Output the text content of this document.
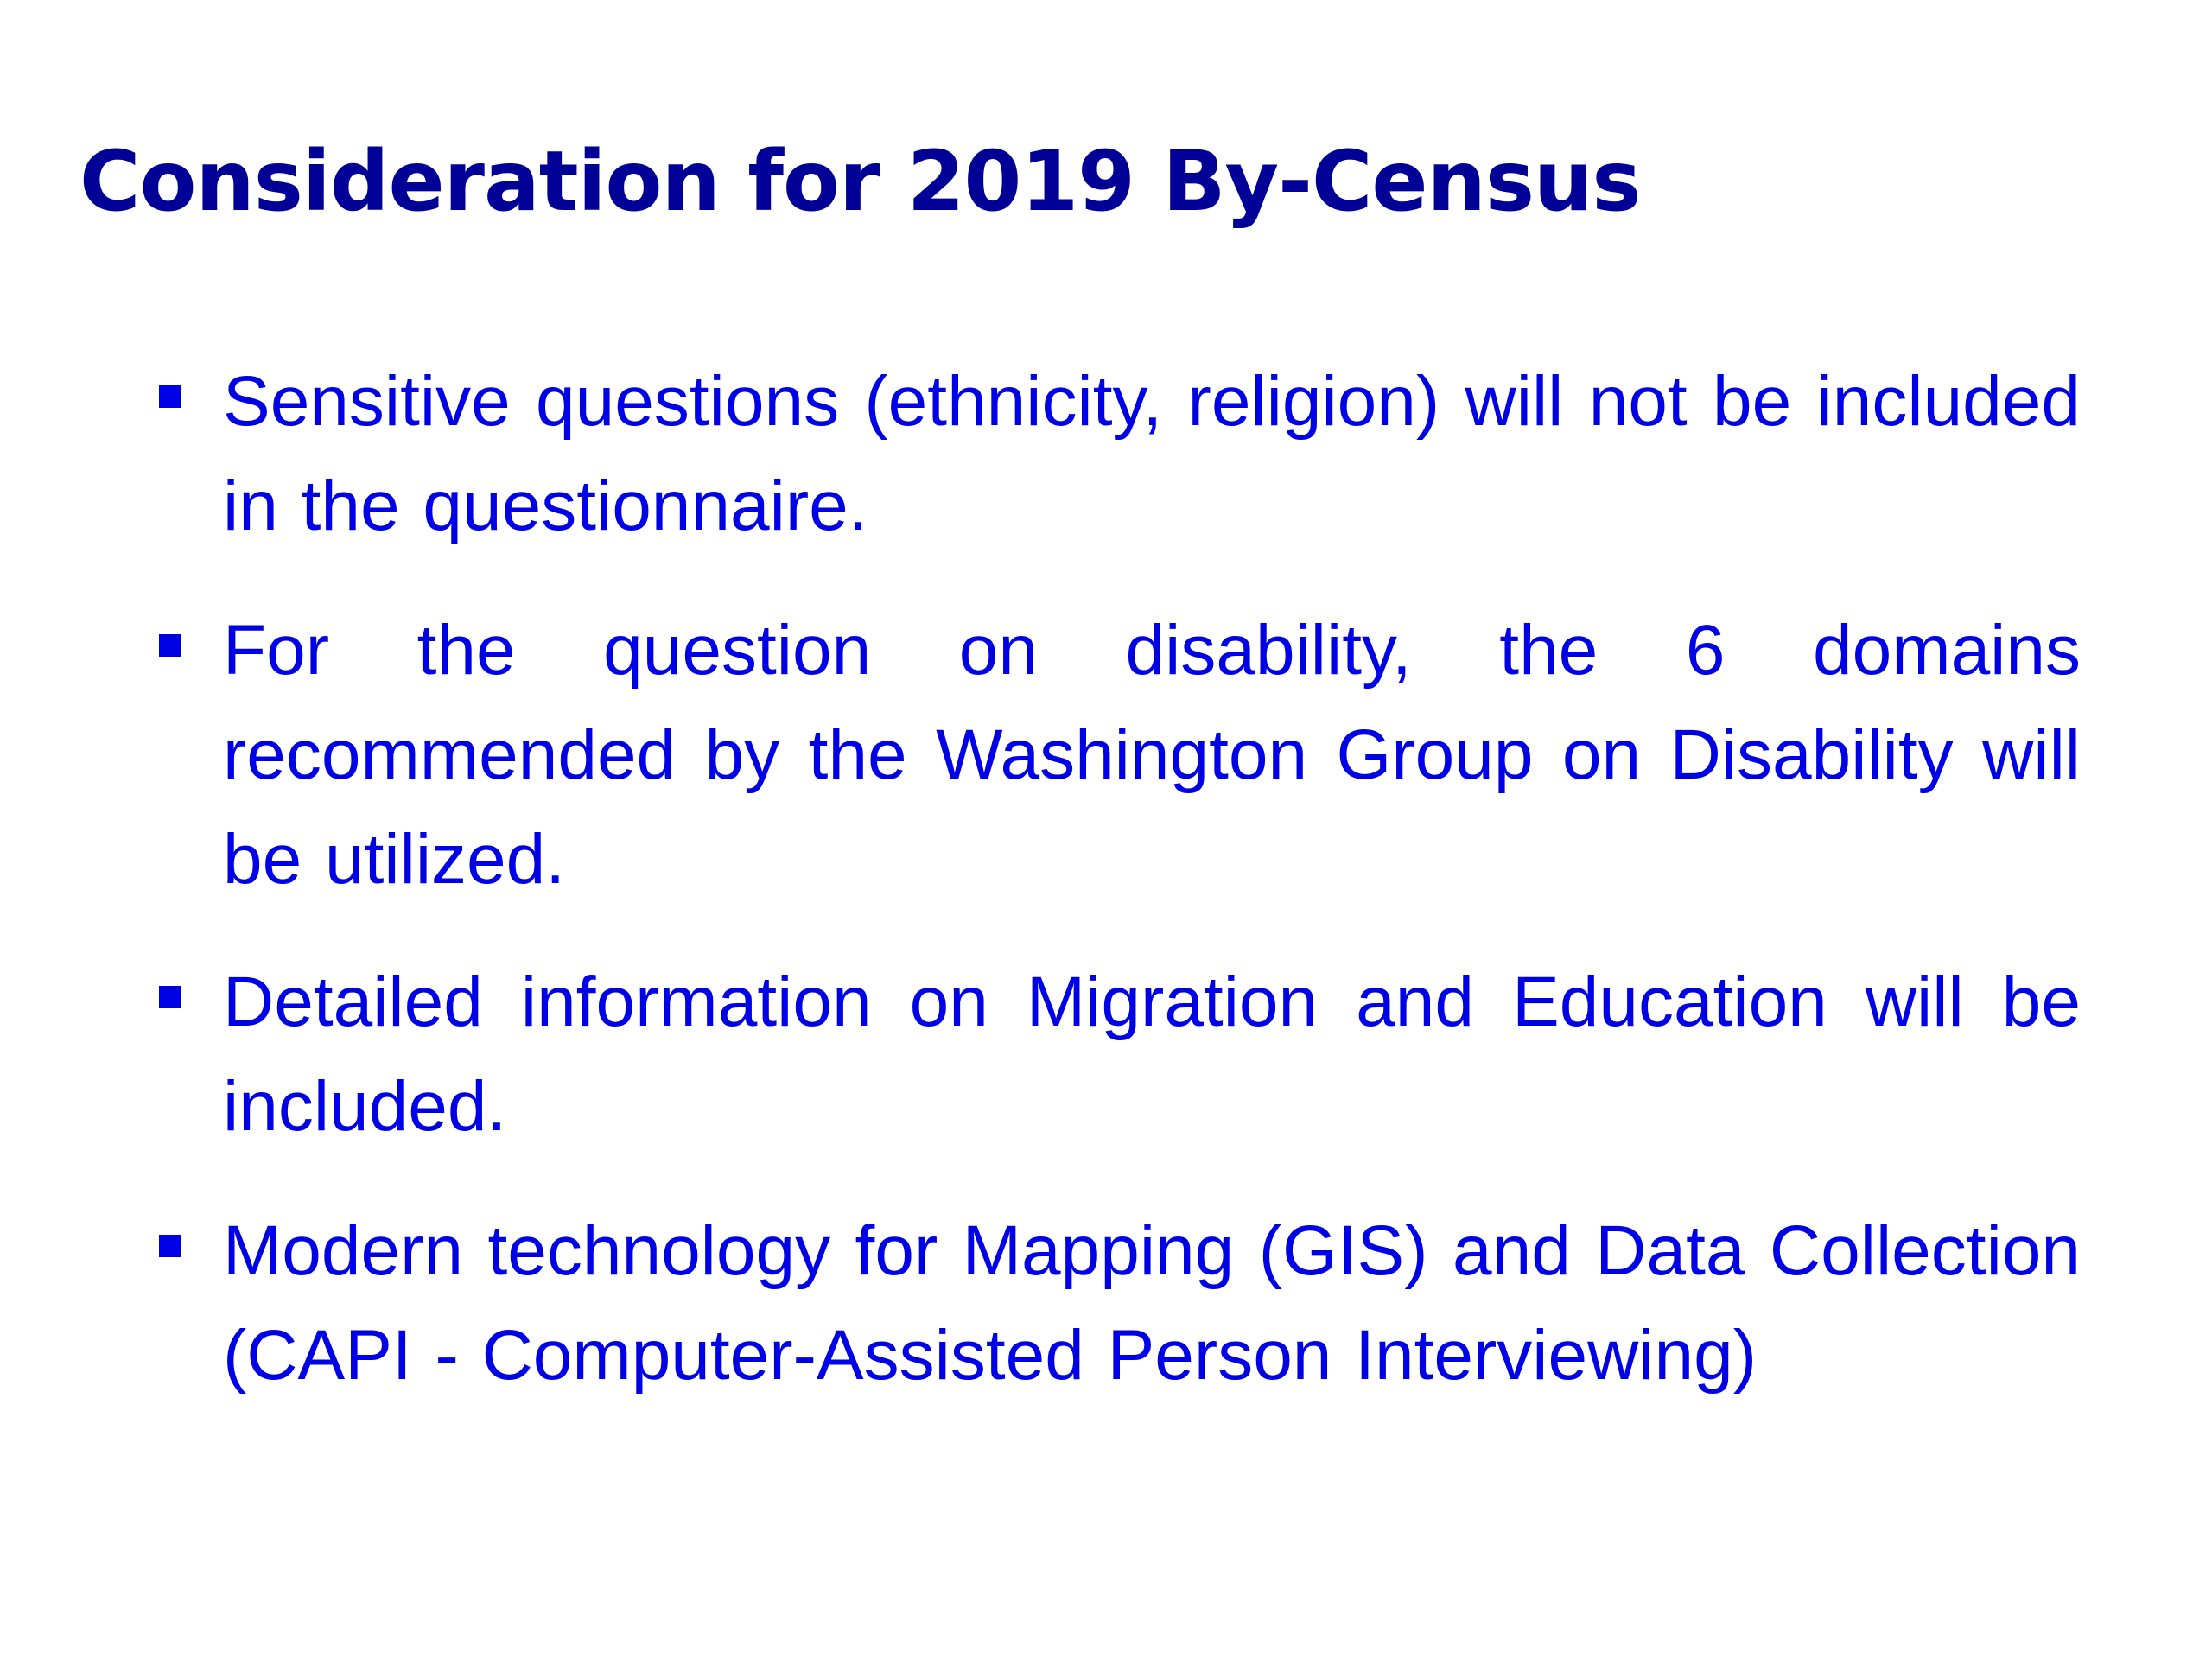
Consideration for 2019 By-Census

Sensitive questions (ethnicity, religion) will not be included in the questionnaire.

For the question on disability, the 6 domains recommended by the Washington Group on Disability will be utilized.

Detailed information on Migration and Education will be included.

Modern technology for Mapping (GIS) and Data Collection (CAPI - Computer-Assisted Person Interviewing)
